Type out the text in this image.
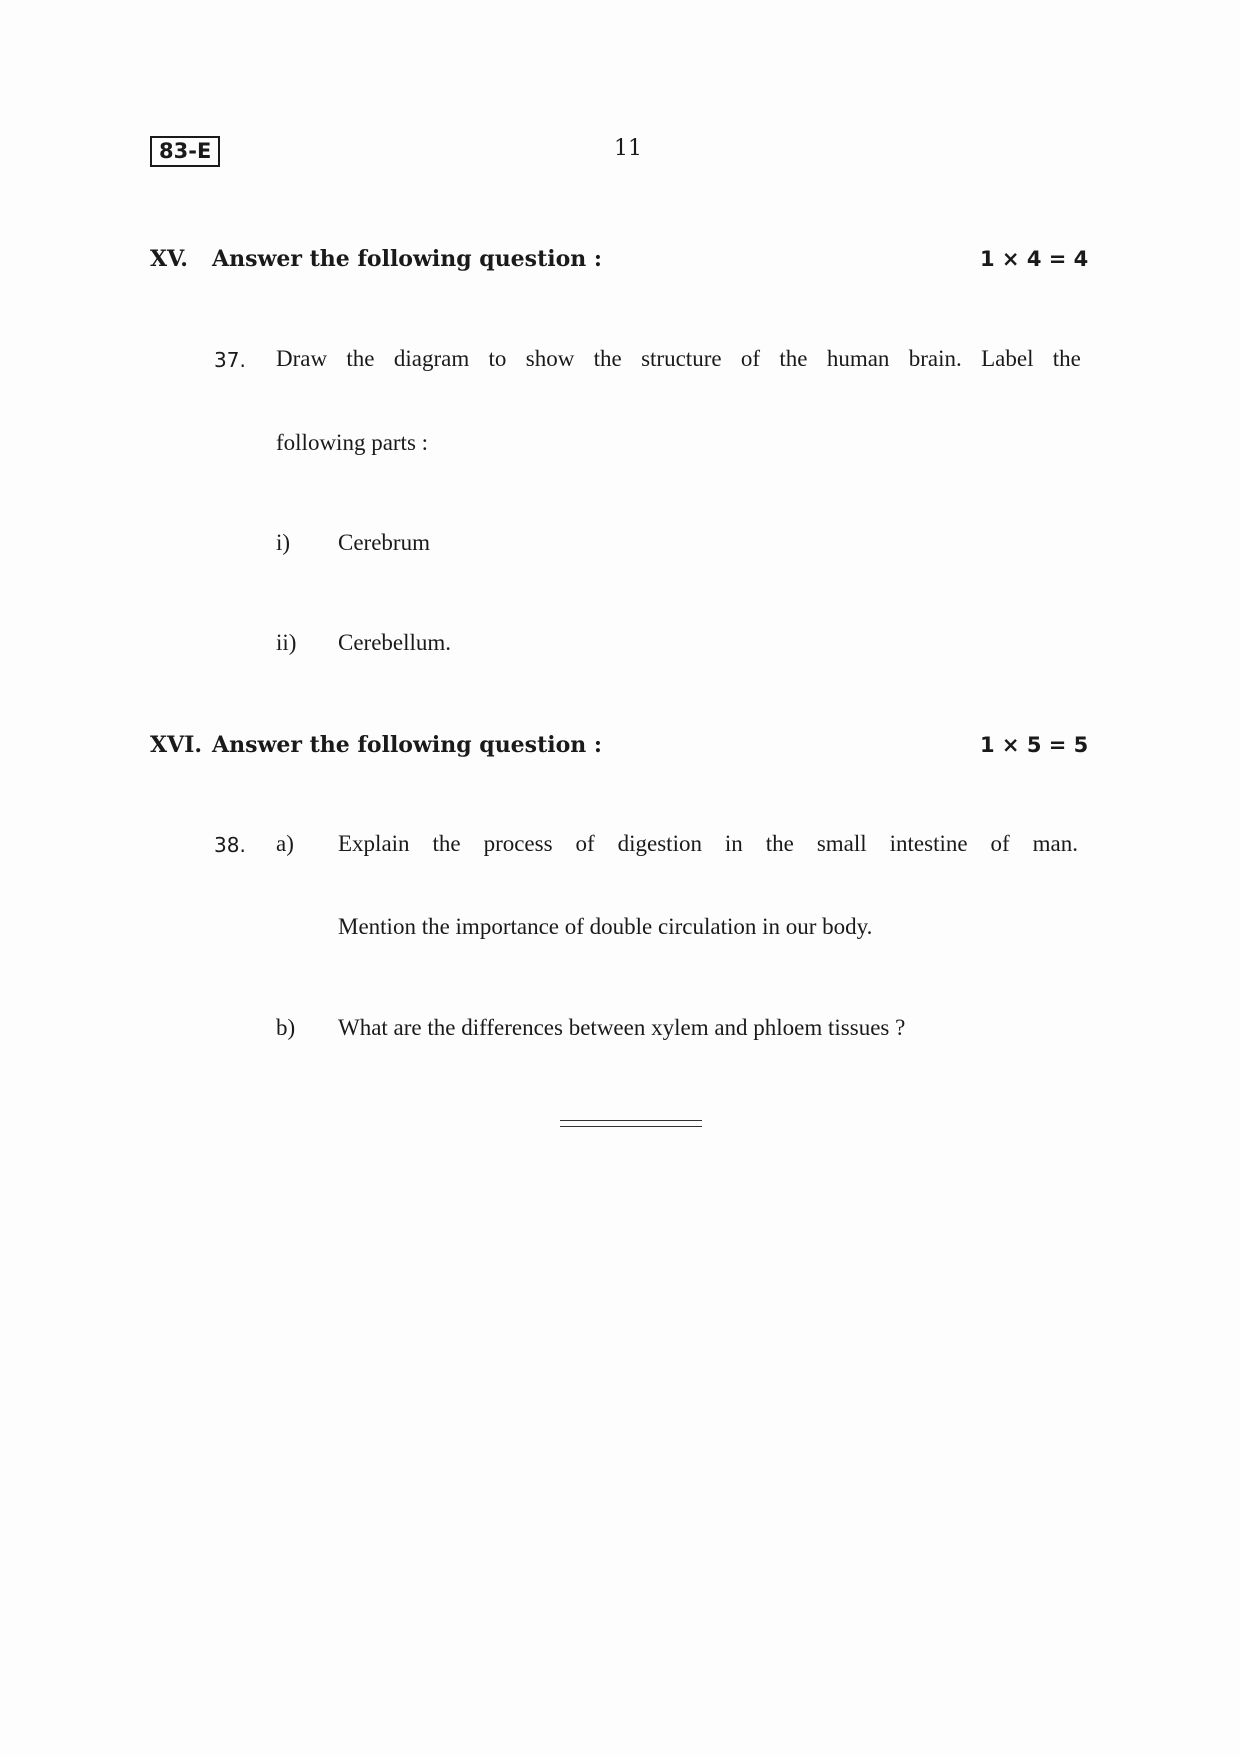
83-E	11
XV. Answer the following question :	1 × 4 = 4
37. Draw the diagram to show the structure of the human brain. Label the
following parts :
i) Cerebrum
ii) Cerebellum.
XVI. Answer the following question :	1 × 5 = 5
38. a) Explain the process of digestion in the small intestine of man.
Mention the importance of double circulation in our body.
b) What are the differences between xylem and phloem tissues ?
